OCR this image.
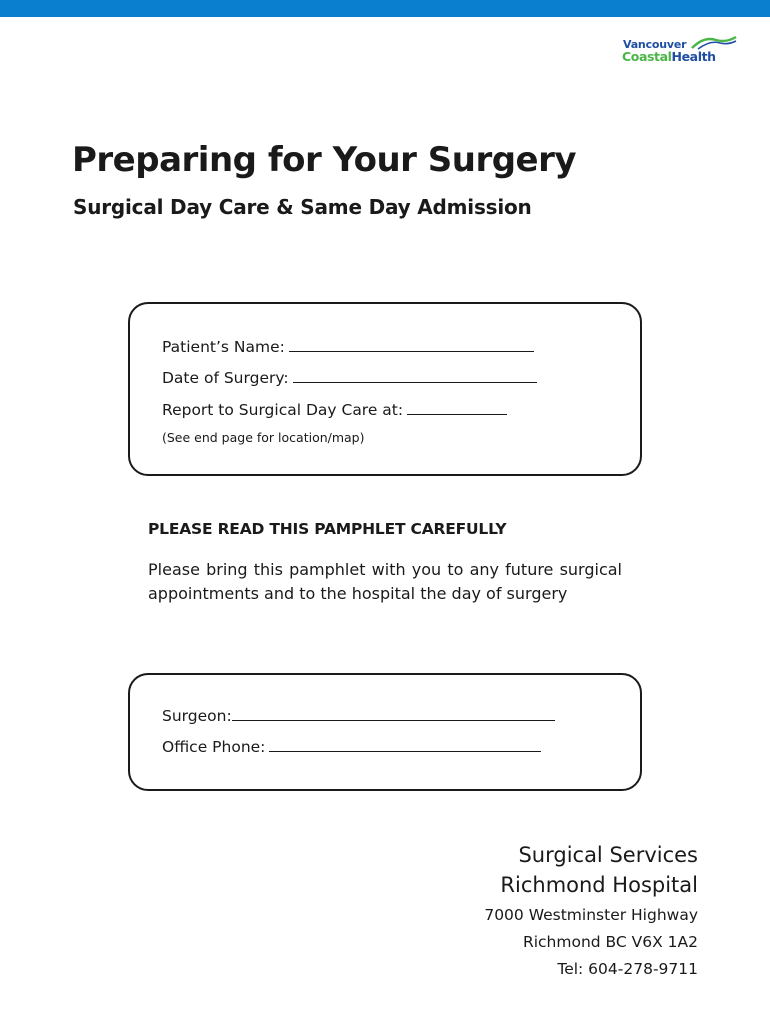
Vancouver
CoastalHealth
Preparing for Your Surgery
Surgical Day Care & Same Day Admission
Patient’s Name:
Date of Surgery:
Report to Surgical Day Care at:
(See end page for location/map)
PLEASE READ THIS PAMPHLET CAREFULLY

Please bring this pamphlet with you to any future surgical appointments and to the hospital the day of surgery

Surgeon:
Office Phone:
Surgical Services
Richmond Hospital
7000 Westminster Highway
Richmond BC V6X 1A2
Tel: 604-278-9711
